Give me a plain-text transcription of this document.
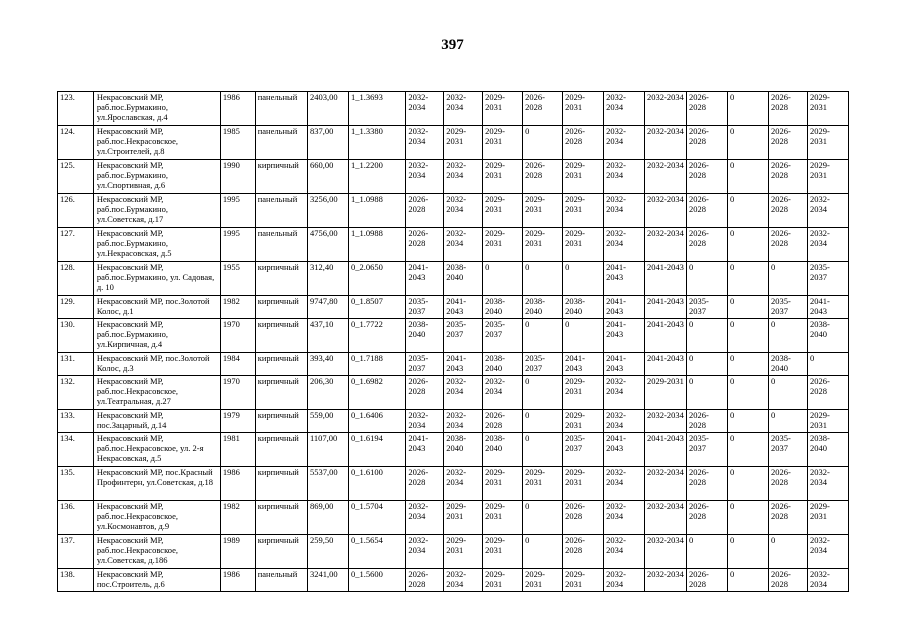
397
123.	Некрасовский МР, раб.пос.Бурмакино, ул.Ярославская, д.4	1986	панельный	2403,00	1_1.3693	2032-2034	2032-2034	2029-2031	2026-2028	2029-2031	2032-2034	2032-2034	2026-2028	0	2026-2028	2029-2031
124.	Некрасовский МР, раб.пос.Некрасовское, ул.Строителей, д.8	1985	панельный	837,00	1_1.3380	2032-2034	2029-2031	2029-2031	0	2026-2028	2032-2034	2032-2034	2026-2028	0	2026-2028	2029-2031
125.	Некрасовский МР, раб.пос.Бурмакино, ул.Спортивная, д.6	1990	кирпичный	660,00	1_1.2200	2032-2034	2032-2034	2029-2031	2026-2028	2029-2031	2032-2034	2032-2034	2026-2028	0	2026-2028	2029-2031
126.	Некрасовский МР, раб.пос.Бурмакино, ул.Советская, д.17	1995	панельный	3256,00	1_1.0988	2026-2028	2032-2034	2029-2031	2029-2031	2029-2031	2032-2034	2032-2034	2026-2028	0	2026-2028	2032-2034
127.	Некрасовский МР, раб.пос.Бурмакино, ул.Некрасовская, д.5	1995	панельный	4756,00	1_1.0988	2026-2028	2032-2034	2029-2031	2029-2031	2029-2031	2032-2034	2032-2034	2026-2028	0	2026-2028	2032-2034
128.	Некрасовский МР, раб.пос.Бурмакино, ул. Садовая, д. 10	1955	кирпичный	312,40	0_2.0650	2041-2043	2038-2040	0	0	0	2041-2043	2041-2043	0	0	0	2035-2037
129.	Некрасовский МР, пос.Золотой Колос, д.1	1982	кирпичный	9747,80	0_1.8507	2035-2037	2041-2043	2038-2040	2038-2040	2038-2040	2041-2043	2041-2043	2035-2037	0	2035-2037	2041-2043
130.	Некрасовский МР, раб.пос.Бурмакино, ул.Кирпичная, д.4	1970	кирпичный	437,10	0_1.7722	2038-2040	2035-2037	2035-2037	0	0	2041-2043	2041-2043	0	0	0	2038-2040
131.	Некрасовский МР, пос.Золотой Колос, д.3	1984	кирпичный	393,40	0_1.7188	2035-2037	2041-2043	2038-2040	2035-2037	2041-2043	2041-2043	2041-2043	0	0	2038-2040	0
132.	Некрасовский МР, раб.пос.Некрасовское, ул.Театральная, д.27	1970	кирпичный	206,30	0_1.6982	2026-2028	2032-2034	2032-2034	0	2029-2031	2032-2034	2029-2031	0	0	0	2026-2028
133.	Некрасовский МР, пос.Зацарный, д.14	1979	кирпичный	559,00	0_1.6406	2032-2034	2032-2034	2026-2028	0	2029-2031	2032-2034	2032-2034	2026-2028	0	0	2029-2031
134.	Некрасовский МР, раб.пос.Некрасовское, ул. 2-я Некрасовская, д.5	1981	кирпичный	1107,00	0_1.6194	2041-2043	2038-2040	2038-2040	0	2035-2037	2041-2043	2041-2043	2035-2037	0	2035-2037	2038-2040
135.	Некрасовский МР, пос.Красный Профинтерн, ул.Советская, д.18	1986	кирпичный	5537,00	0_1.6100	2026-2028	2032-2034	2029-2031	2029-2031	2029-2031	2032-2034	2032-2034	2026-2028	0	2026-2028	2032-2034
136.	Некрасовский МР, раб.пос.Некрасовское, ул.Космонавтов, д.9	1982	кирпичный	869,00	0_1.5704	2032-2034	2029-2031	2029-2031	0	2026-2028	2032-2034	2032-2034	2026-2028	0	2026-2028	2029-2031
137.	Некрасовский МР, раб.пос.Некрасовское, ул.Советская, д.186	1989	кирпичный	259,50	0_1.5654	2032-2034	2029-2031	2029-2031	0	2026-2028	2032-2034	2032-2034	0	0	0	2032-2034
138.	Некрасовский МР, пос.Строитель, д.6	1986	панельный	3241,00	0_1.5600	2026-2028	2032-2034	2029-2031	2029-2031	2029-2031	2032-2034	2032-2034	2026-2028	0	2026-2028	2032-2034
